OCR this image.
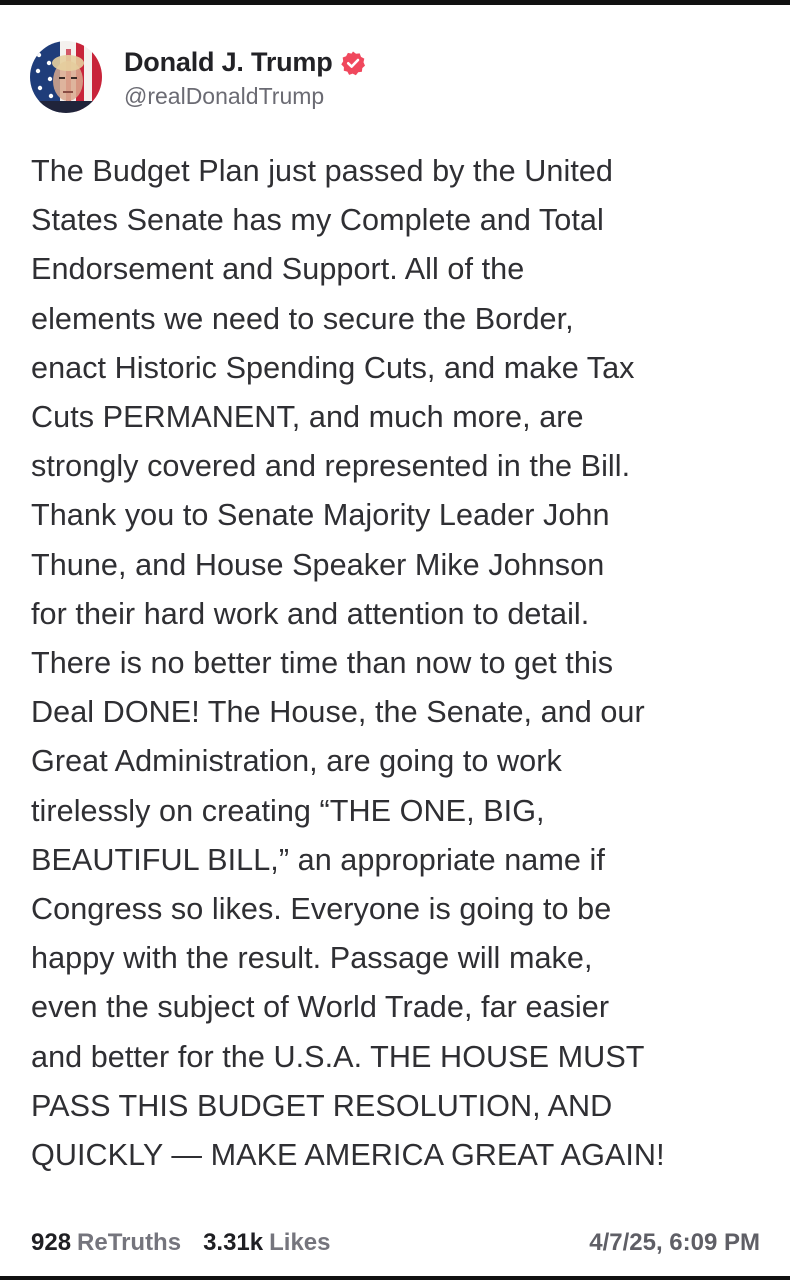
Donald J. Trump
@realDonaldTrump
The Budget Plan just passed by the United
States Senate has my Complete and Total
Endorsement and Support. All of the
elements we need to secure the Border,
enact Historic Spending Cuts, and make Tax
Cuts PERMANENT, and much more, are
strongly covered and represented in the Bill.
Thank you to Senate Majority Leader John
Thune, and House Speaker Mike Johnson
for their hard work and attention to detail.
There is no better time than now to get this
Deal DONE! The House, the Senate, and our
Great Administration, are going to work
tirelessly on creating “THE ONE, BIG,
BEAUTIFUL BILL,” an appropriate name if
Congress so likes. Everyone is going to be
happy with the result. Passage will make,
even the subject of World Trade, far easier
and better for the U.S.A. THE HOUSE MUST
PASS THIS BUDGET RESOLUTION, AND
QUICKLY — MAKE AMERICA GREAT AGAIN!
928 ReTruths 3.31k Likes	4/7/25, 6:09 PM
